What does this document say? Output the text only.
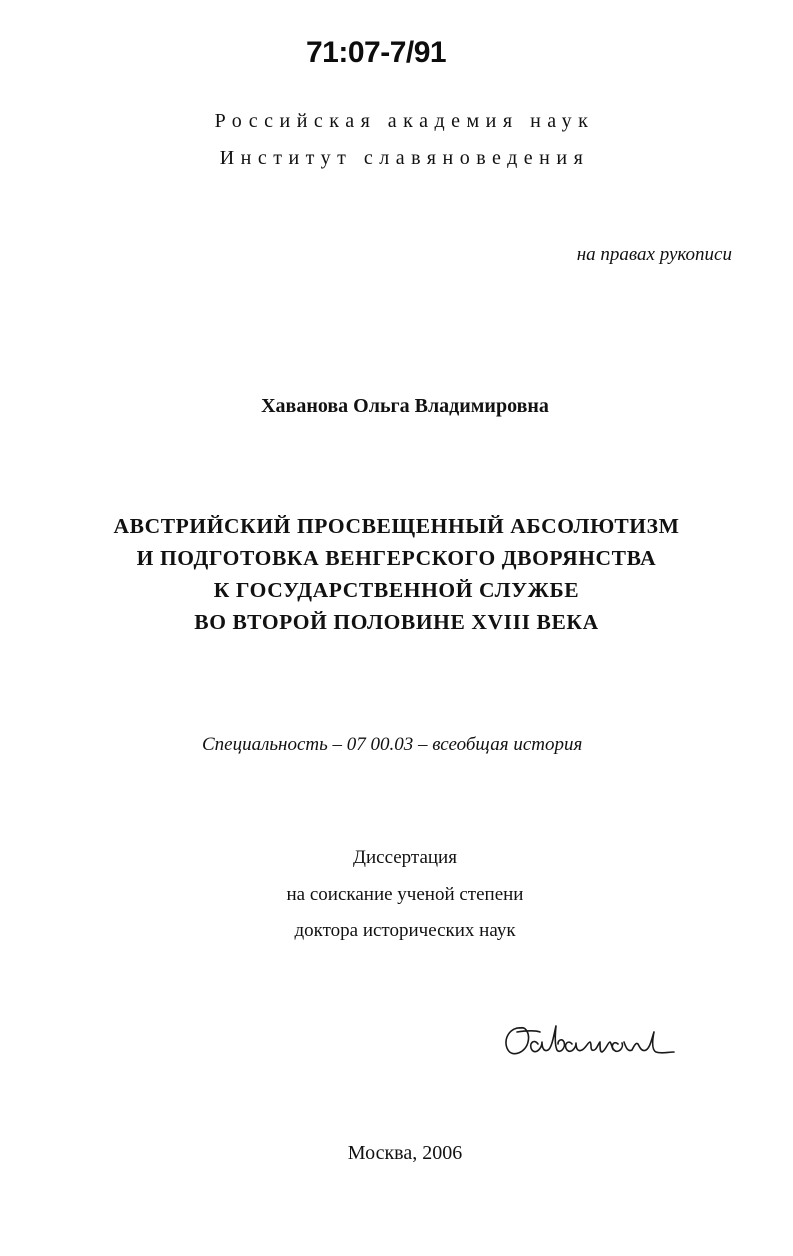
71:07-7/91
Российская академия наук
Институт славяноведения
на правах рукописи
Хаванова Ольга Владимировна
АВСТРИЙСКИЙ ПРОСВЕЩЕННЫЙ АБСОЛЮТИЗМ
И ПОДГОТОВКА ВЕНГЕРСКОГО ДВОРЯНСТВА
К ГОСУДАРСТВЕННОЙ СЛУЖБЕ
ВО ВТОРОЙ ПОЛОВИНЕ XVIII ВЕКА
Специальность – 07 00.03 – всеобщая история
Диссертация
на соискание ученой степени
доктора исторических наук
Москва, 2006
